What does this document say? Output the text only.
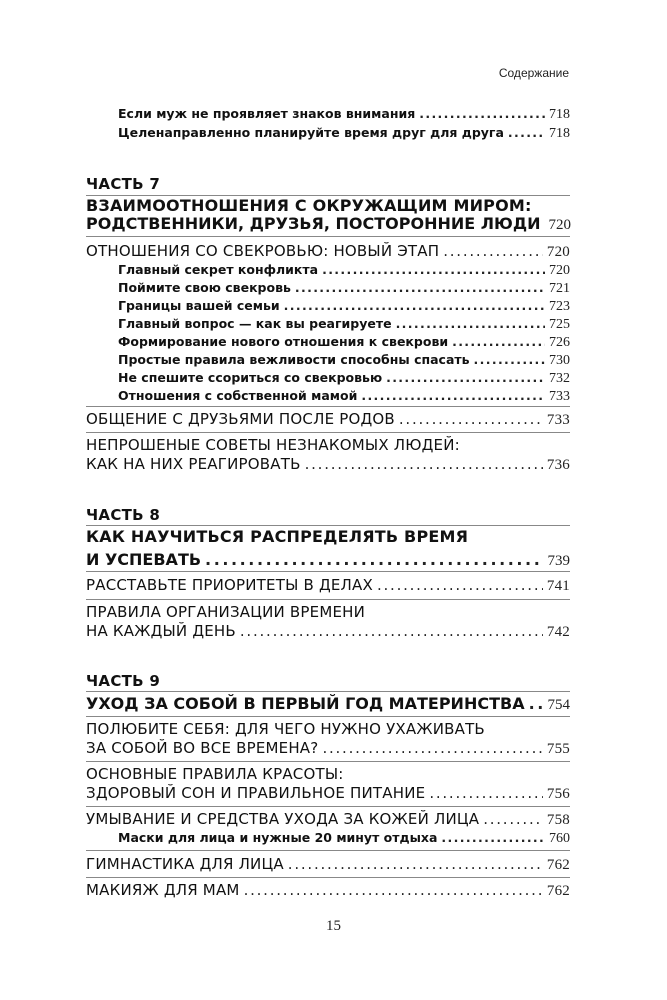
Содержание
Если муж не проявляет знаков внимания . . .	718
Целенаправленно планируйте время друг для друга . . .	718
ЧАСТЬ 7
ВЗАИМООТНОШЕНИЯ С ОКРУЖАЩИМ МИРОМ:
РОДСТВЕННИКИ, ДРУЗЬЯ, ПОСТОРОННИЕ ЛЮДИ 720
ОТНОШЕНИЯ СО СВЕКРОВЬЮ: НОВЫЙ ЭТАП . . .	720
Главный секрет конфликта . . .	720
Поймите свою свекровь . . .	721
Границы вашей семьи . . .	723
Главный вопрос — как вы реагируете . . .	725
Формирование нового отношения к свекрови . . .	726
Простые правила вежливости способны спасать . . .	730
Не спешите ссориться со свекровью . . .	732
Отношения с собственной мамой . . .	733
ОБЩЕНИЕ С ДРУЗЬЯМИ ПОСЛЕ РОДОВ . . .	733
НЕПРОШЕНЫЕ СОВЕТЫ НЕЗНАКОМЫХ ЛЮДЕЙ:
КАК НА НИХ РЕАГИРОВАТЬ . . .	736
ЧАСТЬ 8
КАК НАУЧИТЬСЯ РАСПРЕДЕЛЯТЬ ВРЕМЯ
И УСПЕВАТЬ . . .	739
РАССТАВЬТЕ ПРИОРИТЕТЫ В ДЕЛАХ . . .	741
ПРАВИЛА ОРГАНИЗАЦИИ ВРЕМЕНИ
НА КАЖДЫЙ ДЕНЬ . . .	742
ЧАСТЬ 9
УХОД ЗА СОБОЙ В ПЕРВЫЙ ГОД МАТЕРИНСТВА . . . 754
ПОЛЮБИТЕ СЕБЯ: ДЛЯ ЧЕГО НУЖНО УХАЖИВАТЬ
ЗА СОБОЙ ВО ВСЕ ВРЕМЕНА? . . .	755
ОСНОВНЫЕ ПРАВИЛА КРАСОТЫ:
ЗДОРОВЫЙ СОН И ПРАВИЛЬНОЕ ПИТАНИЕ . . .	756
УМЫВАНИЕ И СРЕДСТВА УХОДА ЗА КОЖЕЙ ЛИЦА . . .	758
Маски для лица и нужные 20 минут отдыха . . .	760
ГИМНАСТИКА ДЛЯ ЛИЦА . . .	762
МАКИЯЖ ДЛЯ МАМ . . .	762
15
